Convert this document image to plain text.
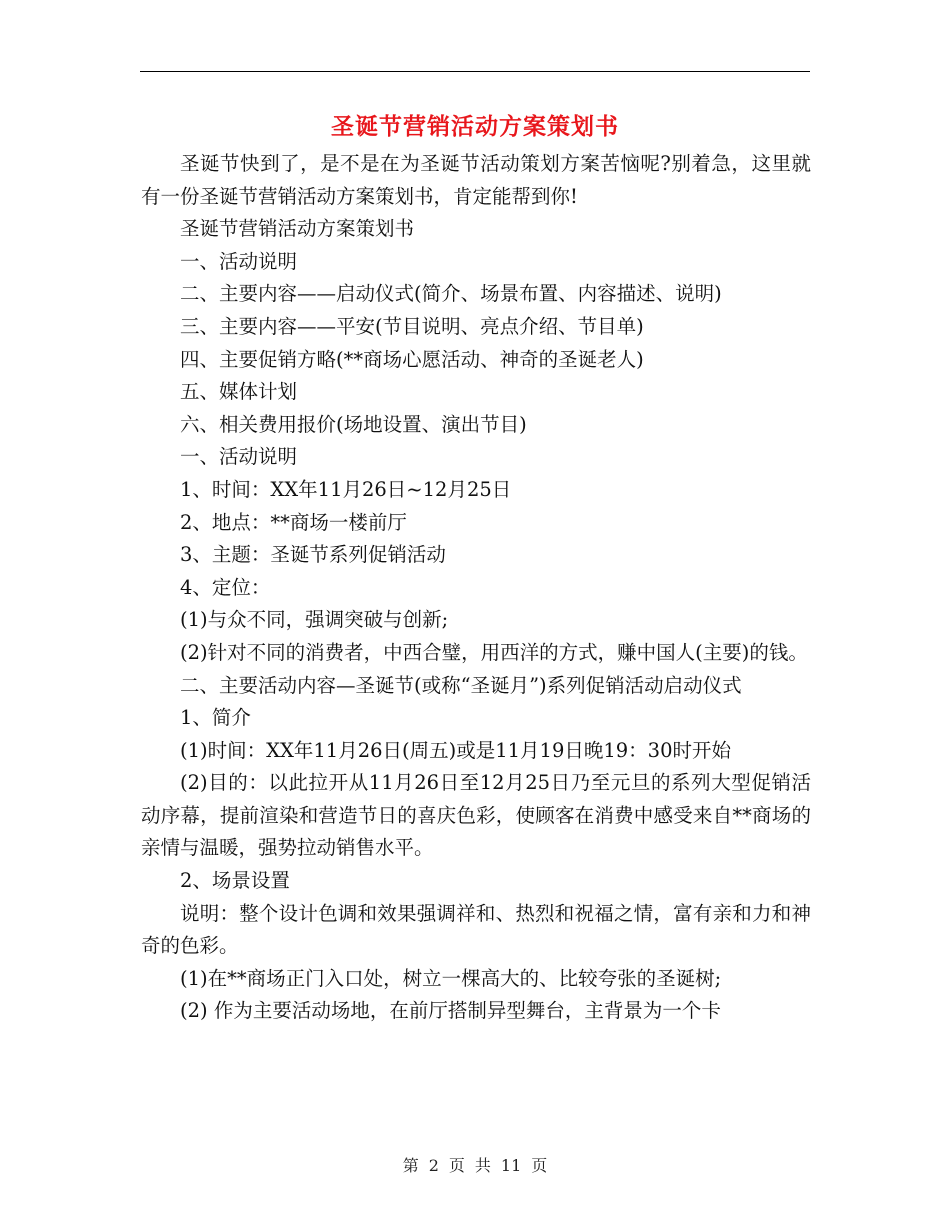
圣诞节营销活动方案策划书

圣诞节快到了，是不是在为圣诞节活动策划方案苦恼呢?别着急，这里就有一份圣诞节营销活动方案策划书，肯定能帮到你!

圣诞节营销活动方案策划书

一、活动说明

二、主要内容——启动仪式(简介、场景布置、内容描述、说明)

三、主要内容——平安(节目说明、亮点介绍、节目单)

四、主要促销方略(**商场心愿活动、神奇的圣诞老人)

五、媒体计划

六、相关费用报价(场地设置、演出节目)

一、活动说明

1、时间：XX年11月26日~12月25日

2、地点：**商场一楼前厅

3、主题：圣诞节系列促销活动

4、定位：

(1)与众不同，强调突破与创新;

(2)针对不同的消费者，中西合璧，用西洋的方式，赚中国人(主要)的钱。

二、主要活动内容—圣诞节(或称“圣诞月”)系列促销活动启动仪式

1、简介

(1)时间：XX年11月26日(周五)或是11月19日晚19：30时开始

(2)目的：以此拉开从11月26日至12月25日乃至元旦的系列大型促销活动序幕，提前渲染和营造节日的喜庆色彩，使顾客在消费中感受来自**商场的亲情与温暖，强势拉动销售水平。

2、场景设置

说明：整个设计色调和效果强调祥和、热烈和祝福之情，富有亲和力和神奇的色彩。

(1)在**商场正门入口处，树立一棵高大的、比较夸张的圣诞树;

(2) 作为主要活动场地，在前厅搭制异型舞台，主背景为一个卡

第 2 页 共 11 页
